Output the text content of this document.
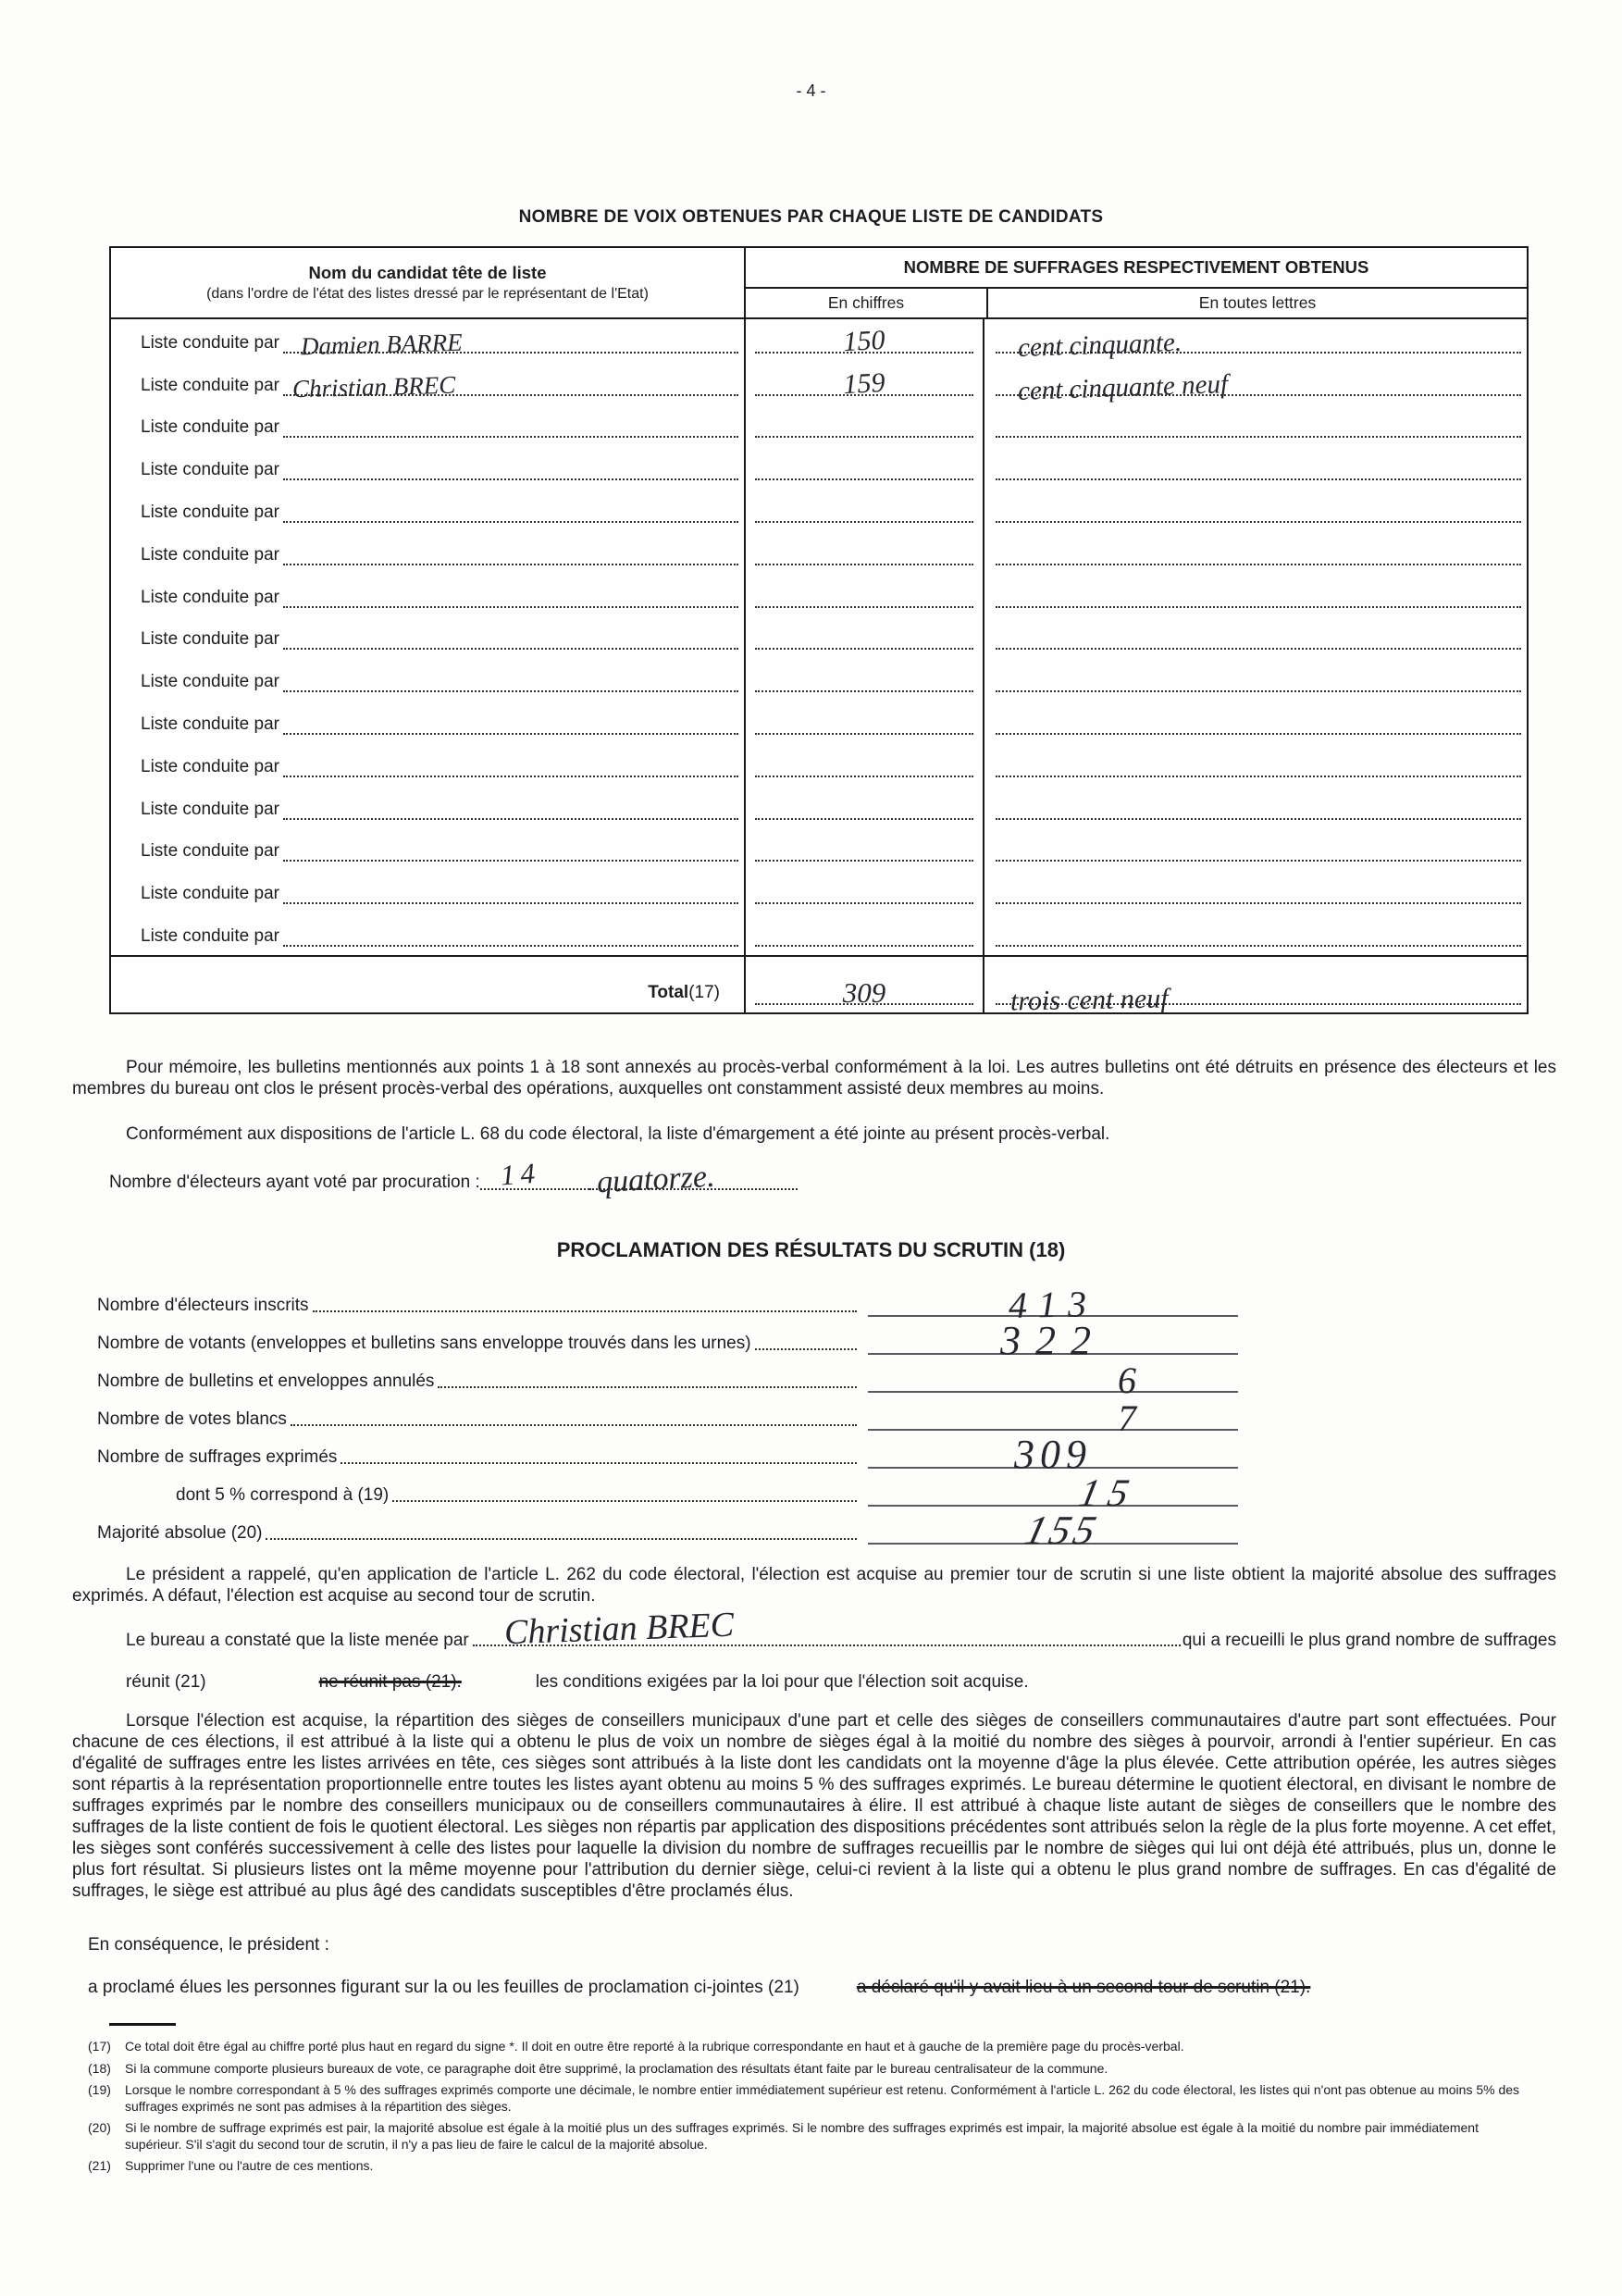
- 4 -
NOMBRE DE VOIX OBTENUES PAR CHAQUE LISTE DE CANDIDATS
Nom du candidat tête de liste
(dans l'ordre de l'état des listes dressé par le représentant de l'Etat)
NOMBRE DE SUFFRAGES RESPECTIVEMENT OBTENUS
En chiffres	En toutes lettres
Liste conduite par Damien BARRE	150	cent cinquante.
Liste conduite par Christian BREC	159	cent cinquante neuf
Liste conduite par
Liste conduite par
Liste conduite par
Liste conduite par
Liste conduite par
Liste conduite par
Liste conduite par
Liste conduite par
Liste conduite par
Liste conduite par
Liste conduite par
Liste conduite par
Liste conduite par
Total (17)	309	trois cent neuf
Pour mémoire, les bulletins mentionnés aux points 1 à 18 sont annexés au procès-verbal conformément à la loi. Les autres bulletins ont été détruits en présence des électeurs et les membres du bureau ont clos le présent procès-verbal des opérations, auxquelles ont constamment assisté deux membres au moins.
Conformément aux dispositions de l'article L. 68 du code électoral, la liste d'émargement a été jointe au présent procès-verbal.
Nombre d'électeurs ayant voté par procuration : 14 quatorze.
PROCLAMATION DES RÉSULTATS DU SCRUTIN (18)
Nombre d'électeurs inscrits	413
Nombre de votants (enveloppes et bulletins sans enveloppe trouvés dans les urnes)	322
Nombre de bulletins et enveloppes annulés	6
Nombre de votes blancs	7
Nombre de suffrages exprimés	309
dont 5 % correspond à (19)	15
Majorité absolue (20)	155
Le président a rappelé, qu'en application de l'article L. 262 du code électoral, l'élection est acquise au premier tour de scrutin si une liste obtient la majorité absolue des suffrages exprimés. A défaut, l'élection est acquise au second tour de scrutin.
Le bureau a constaté que la liste menée par Christian BREC	qui a recueilli le plus grand nombre de suffrages
réunit (21)	ne réunit pas (21).	les conditions exigées par la loi pour que l'élection soit acquise.
Lorsque l'élection est acquise, la répartition des sièges de conseillers municipaux d'une part et celle des sièges de conseillers communautaires d'autre part sont effectuées. Pour chacune de ces élections, il est attribué à la liste qui a obtenu le plus de voix un nombre de sièges égal à la moitié du nombre des sièges à pourvoir, arrondi à l'entier supérieur. En cas d'égalité de suffrages entre les listes arrivées en tête, ces sièges sont attribués à la liste dont les candidats ont la moyenne d'âge la plus élevée. Cette attribution opérée, les autres sièges sont répartis à la représentation proportionnelle entre toutes les listes ayant obtenu au moins 5 % des suffrages exprimés. Le bureau détermine le quotient électoral, en divisant le nombre de suffrages exprimés par le nombre des conseillers municipaux ou de conseillers communautaires à élire. Il est attribué à chaque liste autant de sièges de conseillers que le nombre des suffrages de la liste contient de fois le quotient électoral. Les sièges non répartis par application des dispositions précédentes sont attribués selon la règle de la plus forte moyenne. A cet effet, les sièges sont conférés successivement à celle des listes pour laquelle la division du nombre de suffrages recueillis par le nombre de sièges qui lui ont déjà été attribués, plus un, donne le plus fort résultat. Si plusieurs listes ont la même moyenne pour l'attribution du dernier siège, celui-ci revient à la liste qui a obtenu le plus grand nombre de suffrages. En cas d'égalité de suffrages, le siège est attribué au plus âgé des candidats susceptibles d'être proclamés élus.
En conséquence, le président :
a proclamé élues les personnes figurant sur la ou les feuilles de proclamation ci-jointes (21)	a déclaré qu'il y avait lieu à un second tour de scrutin (21).
(17)	Ce total doit être égal au chiffre porté plus haut en regard du signe *. Il doit en outre être reporté à la rubrique correspondante en haut et à gauche de la première page du procès-verbal.
(18)	Si la commune comporte plusieurs bureaux de vote, ce paragraphe doit être supprimé, la proclamation des résultats étant faite par le bureau centralisateur de la commune.
(19)	Lorsque le nombre correspondant à 5 % des suffrages exprimés comporte une décimale, le nombre entier immédiatement supérieur est retenu. Conformément à l'article L. 262 du code électoral, les listes qui n'ont pas obtenue au moins 5% des suffrages exprimés ne sont pas admises à la répartition des sièges.
(20)	Si le nombre de suffrage exprimés est pair, la majorité absolue est égale à la moitié plus un des suffrages exprimés. Si le nombre des suffrages exprimés est impair, la majorité absolue est égale à la moitié du nombre pair immédiatement supérieur. S'il s'agit du second tour de scrutin, il n'y a pas lieu de faire le calcul de la majorité absolue.
(21)	Supprimer l'une ou l'autre de ces mentions.
